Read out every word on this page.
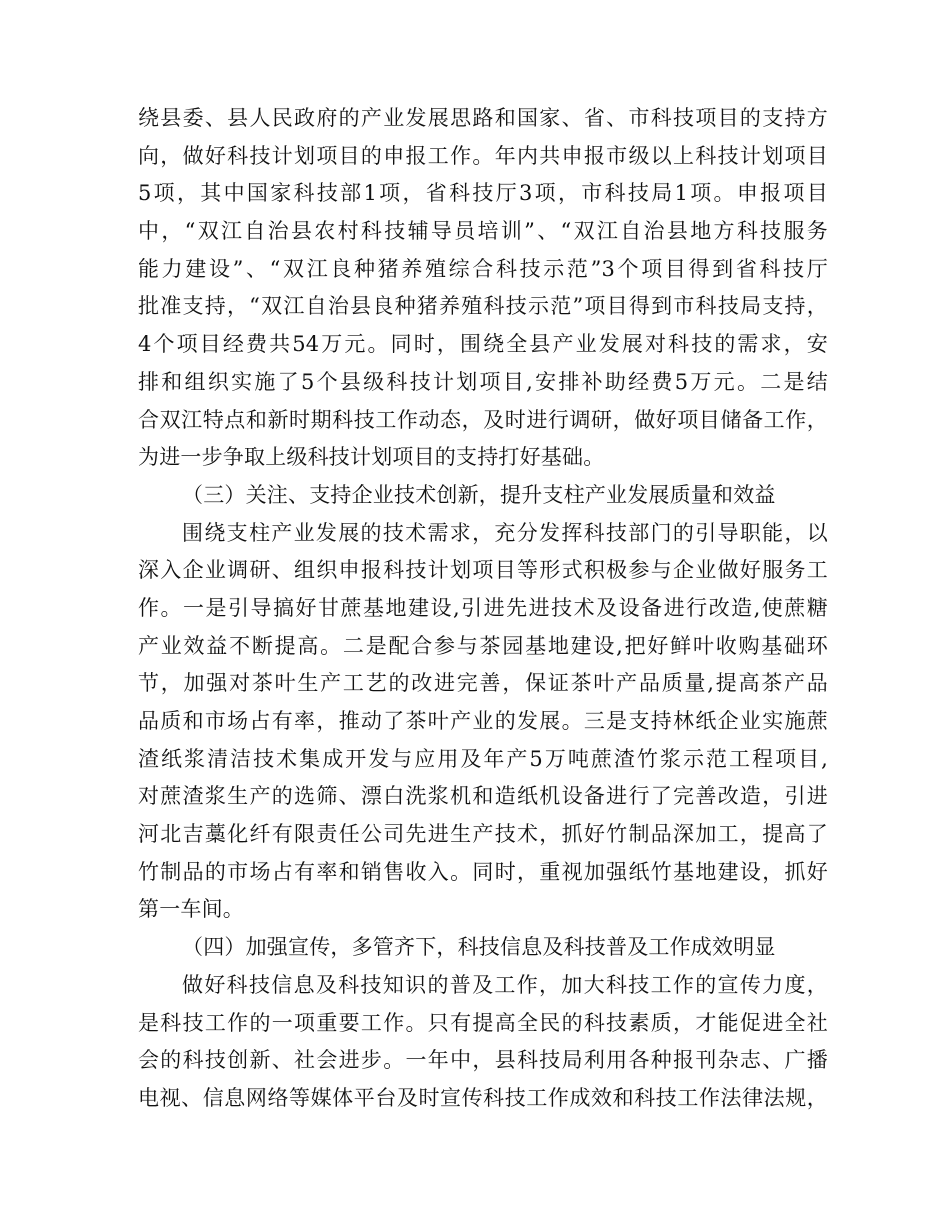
绕县委、县人民政府的产业发展思路和国家、省、市科技项目的支持方
向，做好科技计划项目的申报工作。年内共申报市级以上科技计划项目
5项，其中国家科技部1项，省科技厅3项，市科技局1项。申报项目
中，“双江自治县农村科技辅导员培训”、“双江自治县地方科技服务
能力建设”、“双江良种猪养殖综合科技示范”3个项目得到省科技厅
批准支持，“双江自治县良种猪养殖科技示范”项目得到市科技局支持，
4个项目经费共54万元。同时，围绕全县产业发展对科技的需求，安
排和组织实施了5个县级科技计划项目,安排补助经费5万元。二是结
合双江特点和新时期科技工作动态，及时进行调研，做好项目储备工作，
为进一步争取上级科技计划项目的支持打好基础。
（三）关注、支持企业技术创新，提升支柱产业发展质量和效益
围绕支柱产业发展的技术需求，充分发挥科技部门的引导职能，以
深入企业调研、组织申报科技计划项目等形式积极参与企业做好服务工
作。一是引导搞好甘蔗基地建设,引进先进技术及设备进行改造,使蔗糖
产业效益不断提高。二是配合参与茶园基地建设,把好鲜叶收购基础环
节，加强对茶叶生产工艺的改进完善，保证茶叶产品质量,提高茶产品
品质和市场占有率，推动了茶叶产业的发展。三是支持林纸企业实施蔗
渣纸浆清洁技术集成开发与应用及年产5万吨蔗渣竹浆示范工程项目,
对蔗渣浆生产的选筛、漂白洗浆机和造纸机设备进行了完善改造，引进
河北吉藁化纤有限责任公司先进生产技术，抓好竹制品深加工，提高了
竹制品的市场占有率和销售收入。同时，重视加强纸竹基地建设，抓好
第一车间。
（四）加强宣传，多管齐下，科技信息及科技普及工作成效明显
做好科技信息及科技知识的普及工作，加大科技工作的宣传力度，
是科技工作的一项重要工作。只有提高全民的科技素质，才能促进全社
会的科技创新、社会进步。一年中，县科技局利用各种报刊杂志、广播
电视、信息网络等媒体平台及时宣传科技工作成效和科技工作法律法规，
